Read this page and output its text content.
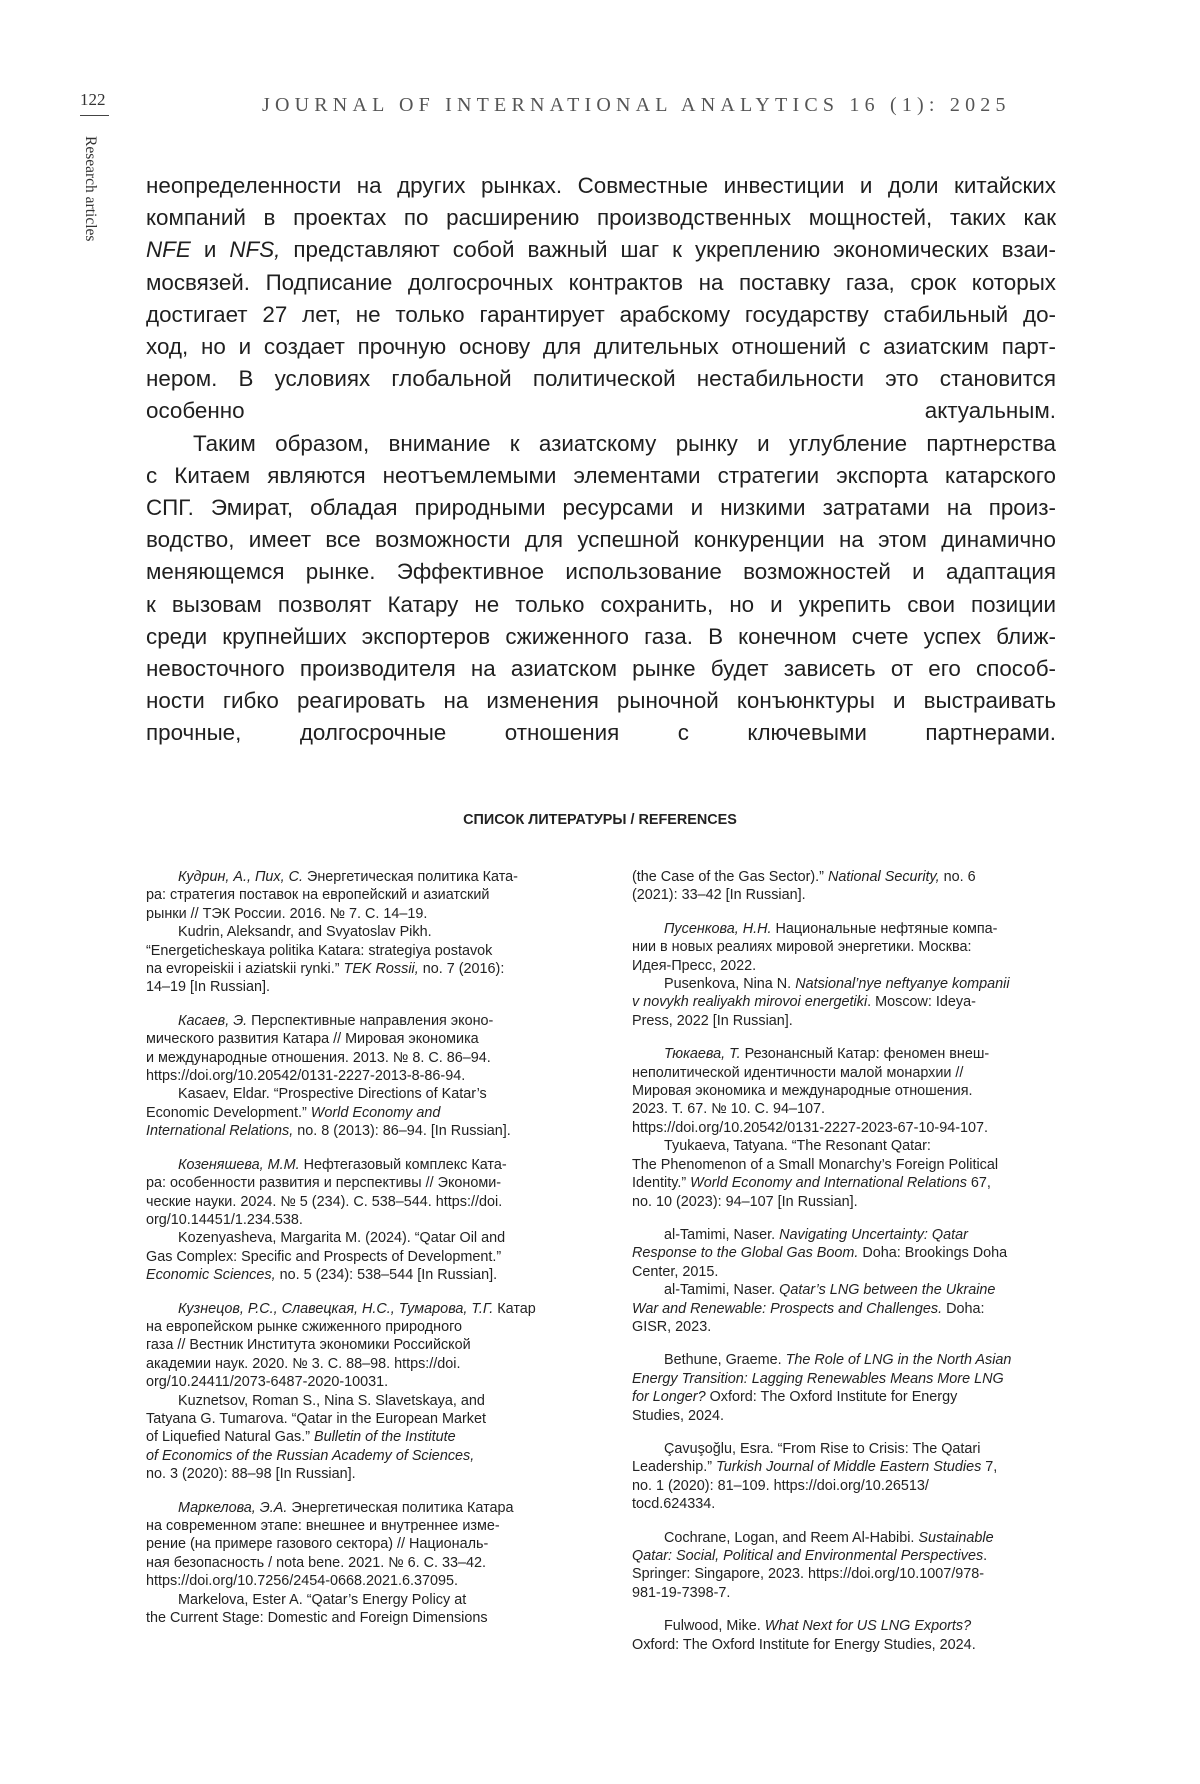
122	JOURNAL OF INTERNATIONAL ANALYTICS 16 (1): 2025
Research articles неопределенности на других рынках. Совместные инвестиции и доли китайских
компаний в проектах по расширению производственных мощностей, таких как
NFE и NFS, представляют собой важный шаг к укреплению экономических взаи-
мосвязей. Подписание долгосрочных контрактов на поставку газа, срок которых
достигает 27 лет, не только гарантирует арабскому государству стабильный до-
ход, но и создает прочную основу для длительных отношений с азиатским парт-
нером. В условиях глобальной политической нестабильности это становится
особенно актуальным.

Таким образом, внимание к азиатскому рынку и углубление партнерства
с Китаем являются неотъемлемыми элементами стратегии экспорта катарского
СПГ. Эмират, обладая природными ресурсами и низкими затратами на произ-
водство, имеет все возможности для успешной конкуренции на этом динамично
меняющемся рынке. Эффективное использование возможностей и адаптация
к вызовам позволят Катару не только сохранить, но и укрепить свои позиции
среди крупнейших экспортеров сжиженного газа. В конечном счете успех ближ-
невосточного производителя на азиатском рынке будет зависеть от его способ-
ности гибко реагировать на изменения рыночной конъюнктуры и выстраивать
прочные, долгосрочные отношения с ключевыми партнерами.

СПИСОК ЛИТЕРАТУРЫ / REFERENCES
Кудрин, А., Пих, С. Энергетическая политика Ката-
ра: стратегия поставок на европейский и азиатский
рынки // ТЭК России. 2016. № 7. С. 14–19.
Kudrin, Aleksandr, and Svyatoslav Pikh.
“Energeticheskaya politika Katara: strategiya postavok
na evropeiskii i aziatskii rynki.” TEK Rossii, no. 7 (2016):
14–19 [In Russian].
Касаев, Э. Перспективные направления эконо-
мического развития Катара // Мировая экономика
и международные отношения. 2013. № 8. С. 86–94.
https://doi.org/10.20542/0131-2227-2013-8-86-94.
Kasaev, Eldar. “Prospective Directions of Katar’s
Economic Development.” World Economy and
International Relations, no. 8 (2013): 86–94. [In Russian].
Козеняшева, М.М. Нефтегазовый комплекс Ката-
ра: особенности развития и перспективы // Экономи-
ческие науки. 2024. № 5 (234). С. 538–544. https://doi.
org/10.14451/1.234.538.
Kozenyasheva, Margarita M. (2024). “Qatar Oil and
Gas Complex: Specific and Prospects of Development.”
Economic Sciences, no. 5 (234): 538–544 [In Russian].
Кузнецов, Р.С., Славецкая, Н.С., Тумарова, Т.Г. Катар
на европейском рынке сжиженного природного
газа // Вестник Института экономики Российской
академии наук. 2020. № 3. С. 88–98. https://doi.
org/10.24411/2073-6487-2020-10031.
Kuznetsov, Roman S., Nina S. Slavetskaya, and
Tatyana G. Tumarova. “Qatar in the European Market
of Liquefied Natural Gas.” Bulletin of the Institute
of Economics of the Russian Academy of Sciences,
no. 3 (2020): 88–98 [In Russian].
Маркелова, Э.А. Энергетическая политика Катара
на современном этапе: внешнее и внутреннее изме-
рение (на примере газового сектора) // Националь-
ная безопасность / nota bene. 2021. № 6. С. 33–42.
https://doi.org/10.7256/2454-0668.2021.6.37095.
Markelova, Ester A. “Qatar’s Energy Policy at
the Current Stage: Domestic and Foreign Dimensions
(the Case of the Gas Sector).” National Security, no. 6
(2021): 33–42 [In Russian].
Пусенкова, Н.Н. Национальные нефтяные компа-
нии в новых реалиях мировой энергетики. Москва:
Идея-Пресс, 2022.
Pusenkova, Nina N. Natsional’nye neftyanye kompanii
v novykh realiyakh mirovoi energetiki. Moscow: Ideya-
Press, 2022 [In Russian].
Тюкаева, Т. Резонансный Катар: феномен внеш-
неполитической идентичности малой монархии //
Мировая экономика и международные отношения.
2023. Т. 67. № 10. С. 94–107.
https://doi.org/10.20542/0131-2227-2023-67-10-94-107.
Tyukaeva, Tatyana. “The Resonant Qatar:
The Phenomenon of a Small Monarchy’s Foreign Political
Identity.” World Economy and International Relations 67,
no. 10 (2023): 94–107 [In Russian].
al-Tamimi, Naser. Navigating Uncertainty: Qatar
Response to the Global Gas Boom. Doha: Brookings Doha
Center, 2015.
al-Tamimi, Naser. Qatar’s LNG between the Ukraine
War and Renewable: Prospects and Challenges. Doha:
GISR, 2023.
Bethune, Graeme. The Role of LNG in the North Asian
Energy Transition: Lagging Renewables Means More LNG
for Longer? Oxford: The Oxford Institute for Energy
Studies, 2024.
Çavuşoğlu, Esra. “From Rise to Crisis: The Qatari
Leadership.” Turkish Journal of Middle Eastern Studies 7,
no. 1 (2020): 81–109. https://doi.org/10.26513/
tocd.624334.
Cochrane, Logan, and Reem Al-Habibi. Sustainable
Qatar: Social, Political and Environmental Perspectives.
Springer: Singapore, 2023. https://doi.org/10.1007/978-
981-19-7398-7.
Fulwood, Mike. What Next for US LNG Exports?
Oxford: The Oxford Institute for Energy Studies, 2024.
